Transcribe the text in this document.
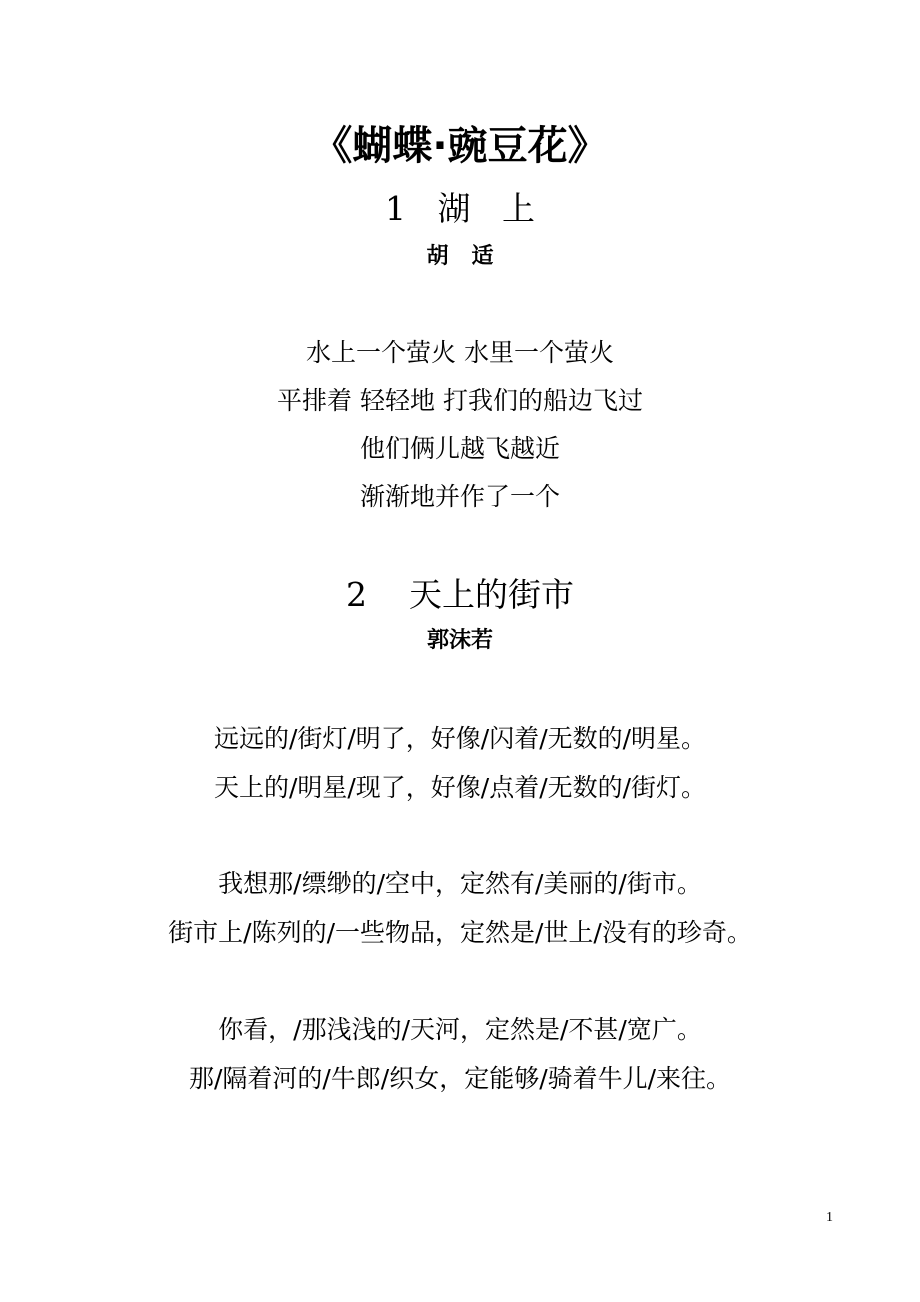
《蝴蝶·豌豆花》
1   湖   上
胡   适
水上一个萤火 水里一个萤火
平排着 轻轻地 打我们的船边飞过
他们俩儿越飞越近
渐渐地并作了一个
2    天上的街市
郭沫若
远远的/街灯/明了，好像/闪着/无数的/明星。
天上的/明星/现了，好像/点着/无数的/街灯。
我想那/缥缈的/空中，定然有/美丽的/街市。
街市上/陈列的/一些物品，定然是/世上/没有的珍奇。
你看，/那浅浅的/天河，定然是/不甚/宽广。
那/隔着河的/牛郎/织女，定能够/骑着牛儿/来往。
1
